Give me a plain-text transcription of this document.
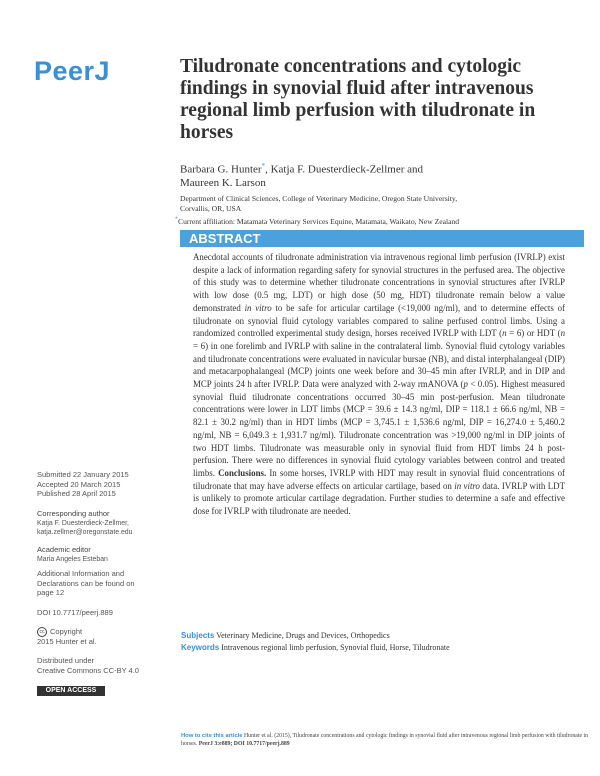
PeerJ	Tiludronate concentrations and cytologic findings in synovial fluid after intravenous regional limb perfusion with tiludronate in horses
Barbara G. Hunter*, Katja F. Duesterdieck-Zellmer and
Maureen K. Larson
Department of Clinical Sciences, College of Veterinary Medicine, Oregon State University,
Corvallis, OR, USA
*Current affiliation: Matamata Veterinary Services Equine, Matamata, Waikato, New Zealand
ABSTRACT
Anecdotal accounts of tiludronate administration via intravenous regional limb perfusion (IVRLP) exist despite a lack of information regarding safety for synovial structures in the perfused area. The objective of this study was to determine whether tiludronate concentrations in synovial structures after IVRLP with low dose (0.5 mg, LDT) or high dose (50 mg, HDT) tiludronate remain below a value demonstrated in vitro to be safe for articular cartilage (<19,000 ng/ml), and to determine effects of tiludronate on synovial fluid cytology variables compared to saline perfused control limbs. Using a randomized controlled experimental study design, horses received IVRLP with LDT (n = 6) or HDT (n = 6) in one forelimb and IVRLP with saline in the contralateral limb. Synovial fluid cytology variables and tiludronate concentrations were evaluated in navicular bursae (NB), and distal interphalangeal (DIP) and metacarpophalangeal (MCP) joints one week before and 30–45 min after IVRLP, and in DIP and MCP joints 24 h after IVRLP. Data were analyzed with 2-way rmANOVA (p < 0.05). Highest measured synovial fluid tiludronate concentrations occurred 30–45 min post-perfusion. Mean tiludronate concentrations were lower in LDT limbs (MCP = 39.6 ± 14.3 ng/ml, DIP = 118.1 ± 66.6 ng/ml, NB = 82.1 ± 30.2 ng/ml) than in HDT limbs (MCP = 3,745.1 ± 1,536.6 ng/ml, DIP = 16,274.0 ± 5,460.2 ng/ml, NB = 6,049.3 ± 1,931.7 ng/ml). Tiludronate concentration was >19,000 ng/ml in DIP joints of two HDT limbs. Tiludronate was measurable only in synovial fluid from HDT limbs 24 h post-perfusion. There were no differences in synovial fluid cytology variables between control and treated limbs. Conclusions. In some horses, IVRLP with HDT may result in synovial fluid concentrations of tiludronate that may have adverse effects on articular cartilage, based on in vitro data. IVRLP with LDT is unlikely to promote articular cartilage degradation. Further studies to determine a safe and effective dose for IVRLP with tiludronate are needed.
Submitted 22 January 2015
Accepted 20 March 2015
Published 28 April 2015
Corresponding author
Katja F. Duesterdieck-Zellmer,
katja.zellmer@oregonstate.edu
Academic editor
Maria Angeles Esteban
Additional Information and
Declarations can be found on
page 12
DOI 10.7717/peerj.889
cc Copyright
2015 Hunter et al.
Distributed under
Creative Commons CC-BY 4.0
OPEN ACCESS
Subjects Veterinary Medicine, Drugs and Devices, Orthopedics
Keywords Intravenous regional limb perfusion, Synovial fluid, Horse, Tiludronate
How to cite this article Hunter et al. (2015), Tiludronate concentrations and cytologic findings in synovial fluid after intravenous regional limb perfusion with tiludronate in horses. PeerJ 3:e889; DOI 10.7717/peerj.889
